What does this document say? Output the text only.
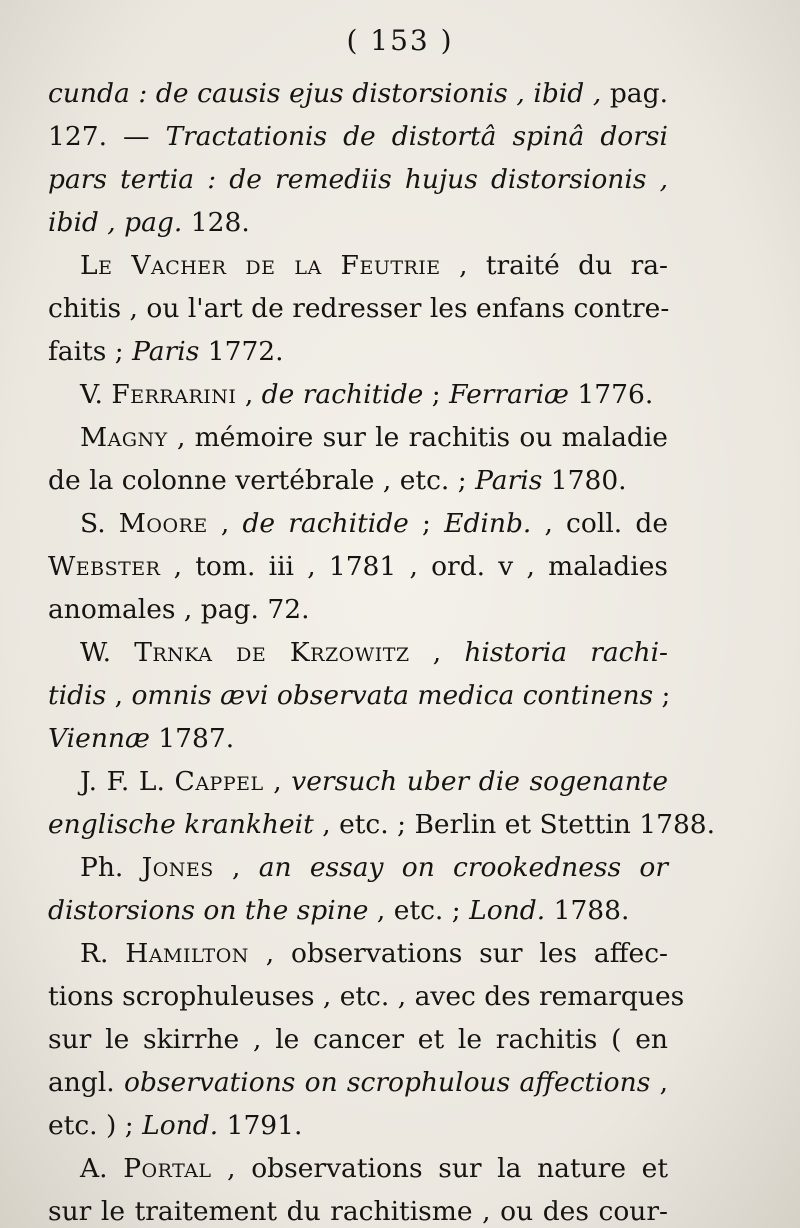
( 153 )
cunda : de causis ejus distorsionis , ibid , pag.
127. — Tractationis de distortâ spinâ dorsi
pars tertia : de remediis hujus distorsionis ,
ibid , pag. 128.
Le Vacher de la Feutrie , traité du ra-
chitis , ou l'art de redresser les enfans contre-
faits ; Paris 1772.
V. Ferrarini , de rachitide ; Ferrariæ 1776.
Magny , mémoire sur le rachitis ou maladie
de la colonne vertébrale , etc. ; Paris 1780.
S. Moore , de rachitide ; Edinb. , coll. de
Webster , tom. iii , 1781 , ord. v , maladies
anomales , pag. 72.
W. Trnka de Krzowitz , historia rachi-
tidis , omnis ævi observata medica continens ;
Viennæ 1787.
J. F. L. Cappel , versuch uber die sogenante
englische krankheit , etc. ; Berlin et Stettin 1788.
Ph. Jones , an essay on crookedness or
distorsions on the spine , etc. ; Lond. 1788.
R. Hamilton , observations sur les affec-
tions scrophuleuses , etc. , avec des remarques
sur le skirrhe , le cancer et le rachitis ( en
angl. observations on scrophulous affections ,
etc. ) ; Lond. 1791.
A. Portal , observations sur la nature et
sur le traitement du rachitisme , ou des cour-
